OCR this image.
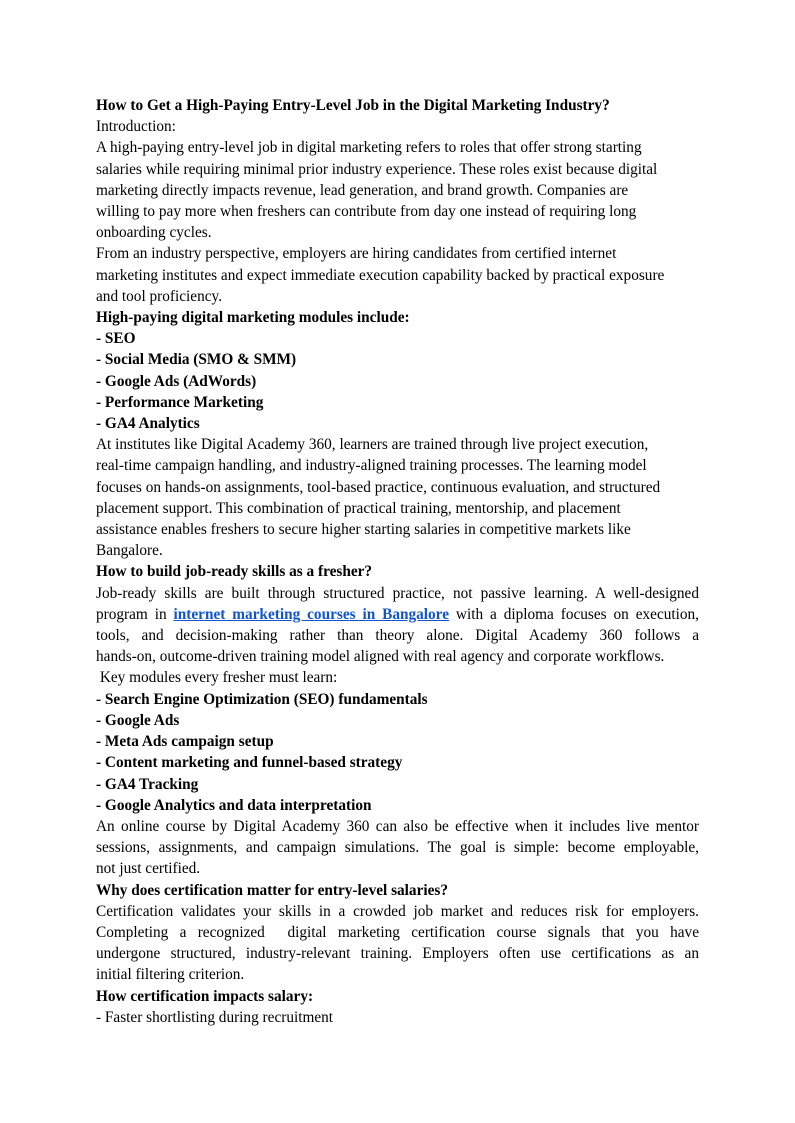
How to Get a High-Paying Entry-Level Job in the Digital Marketing Industry?

Introduction:

A high-paying entry-level job in digital marketing refers to roles that offer strong starting
salaries while requiring minimal prior industry experience. These roles exist because digital
marketing directly impacts revenue, lead generation, and brand growth. Companies are
willing to pay more when freshers can contribute from day one instead of requiring long
onboarding cycles.
From an industry perspective, employers are hiring candidates from certified internet
marketing institutes and expect immediate execution capability backed by practical exposure
and tool proficiency.

High-paying digital marketing modules include:

- SEO

- Social Media (SMO & SMM)

- Google Ads (AdWords)

- Performance Marketing

- GA4 Analytics

At institutes like Digital Academy 360, learners are trained through live project execution,
real-time campaign handling, and industry-aligned training processes. The learning model
focuses on hands-on assignments, tool-based practice, continuous evaluation, and structured
placement support. This combination of practical training, mentorship, and placement
assistance enables freshers to secure higher starting salaries in competitive markets like
Bangalore.

How to build job-ready skills as a fresher?

Job-ready skills are built through structured practice, not passive learning. A well-designed
program in internet marketing courses in Bangalore with a diploma focuses on execution,
tools, and decision-making rather than theory alone. Digital Academy 360 follows a
hands-on, outcome-driven training model aligned with real agency and corporate workflows.

Key modules every fresher must learn:

- Search Engine Optimization (SEO) fundamentals

- Google Ads

- Meta Ads campaign setup

- Content marketing and funnel-based strategy

- GA4 Tracking

- Google Analytics and data interpretation

An online course by Digital Academy 360 can also be effective when it includes live mentor
sessions, assignments, and campaign simulations. The goal is simple: become employable,
not just certified.

Why does certification matter for entry-level salaries?

Certification validates your skills in a crowded job market and reduces risk for employers.
Completing a recognized  digital marketing certification course signals that you have
undergone structured, industry-relevant training. Employers often use certifications as an
initial filtering criterion.

How certification impacts salary:

- Faster shortlisting during recruitment
